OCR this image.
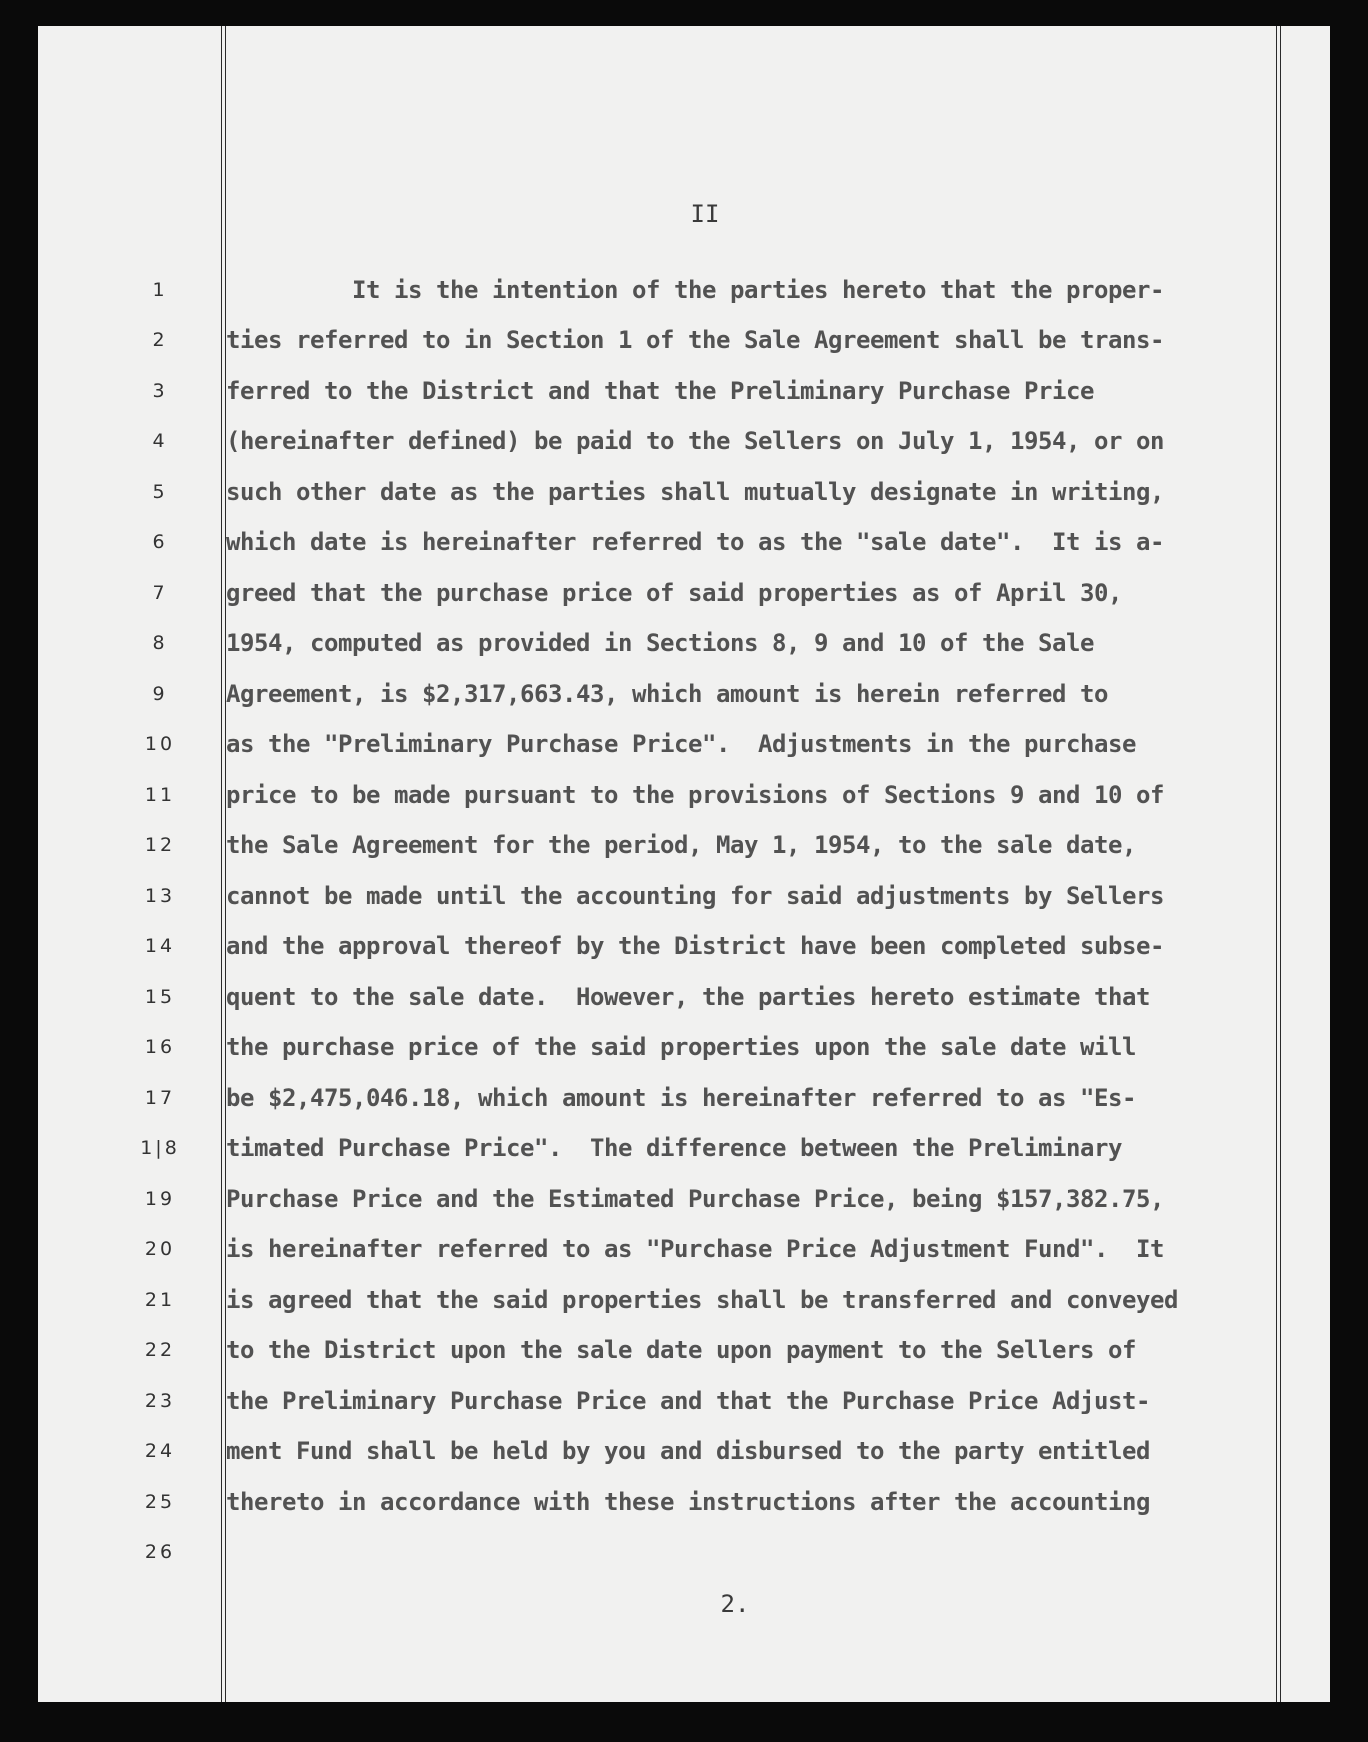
II
1
2
3
4
5
6
7
8
9
10
11
12
13
14
15
16
17
1|8
19
20
21
22
23
24
25
26
It is the intention of the parties hereto that the proper-
ties referred to in Section 1 of the Sale Agreement shall be trans-
ferred to the District and that the Preliminary Purchase Price
(hereinafter defined) be paid to the Sellers on July 1, 1954, or on
such other date as the parties shall mutually designate in writing,
which date is hereinafter referred to as the "sale date".  It is a-
greed that the purchase price of said properties as of April 30,
1954, computed as provided in Sections 8, 9 and 10 of the Sale
Agreement, is $2,317,663.43, which amount is herein referred to
as the "Preliminary Purchase Price".  Adjustments in the purchase
price to be made pursuant to the provisions of Sections 9 and 10 of
the Sale Agreement for the period, May 1, 1954, to the sale date,
cannot be made until the accounting for said adjustments by Sellers
and the approval thereof by the District have been completed subse-
quent to the sale date.  However, the parties hereto estimate that
the purchase price of the said properties upon the sale date will
be $2,475,046.18, which amount is hereinafter referred to as "Es-
timated Purchase Price".  The difference between the Preliminary
Purchase Price and the Estimated Purchase Price, being $157,382.75,
is hereinafter referred to as "Purchase Price Adjustment Fund".  It
is agreed that the said properties shall be transferred and conveyed
to the District upon the sale date upon payment to the Sellers of
the Preliminary Purchase Price and that the Purchase Price Adjust-
ment Fund shall be held by you and disbursed to the party entitled
thereto in accordance with these instructions after the accounting
2.
